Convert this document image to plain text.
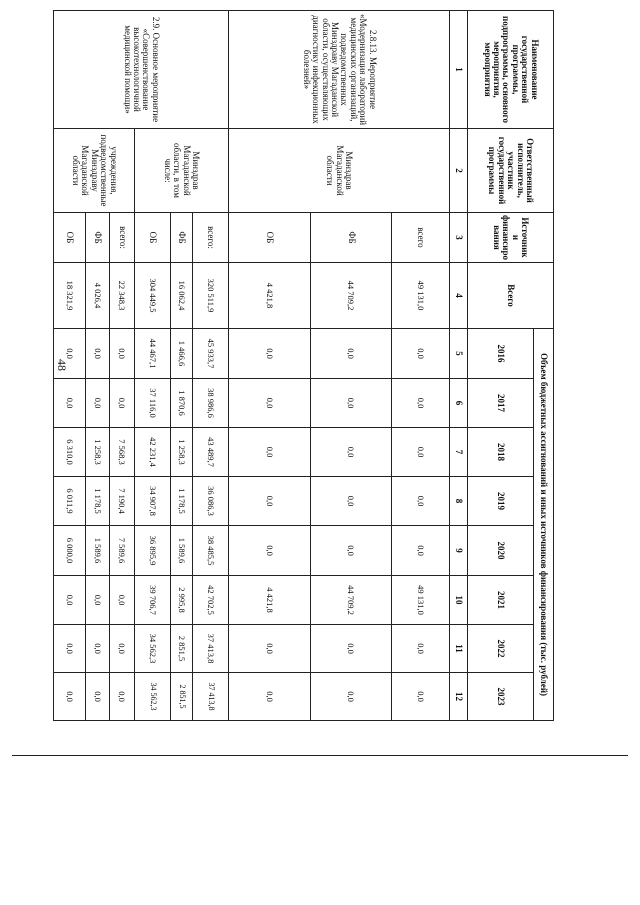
48
Наименование государственной программы, подпрограммы, основного мероприятия, мероприятия	Ответственный исполнитель, участник государственной программы	Источники финансирования	Всего	Объем бюджетных ассигнований и иных источников финансирования (тыс. рублей)							
				2016	2017	2018	2019	2020	2021	2022	2023
1	2	3	4	5	6	7	8	9	10	11	12
2.8.13. Мероприятие «Модернизация лабораторий медицинских организаций, подведомственных Минздраву Магаданской области, осуществляющих диагностику инфекционных болезней»	Минздрав Магаданской области	всего	49 131,0	0,0	0,0	0,0	0,0	0,0	49 131,0	0,0	0,0
		ФБ	44 709,2	0,0	0,0	0,0	0,0	0,0	44 709,2	0,0	0,0
		ОБ	4 421,8	0,0	0,0	0,0	0,0	0,0	4 421,8	0,0	0,0
2.9. Основное мероприятие «Совершенствование высокотехнологичной медицинской помощи»	Минздрав Магаданской области, в том числе:	всего:	320 511,9	45 933,7	38 986,6	43 489,7	36 086,3	38 485,5	42 702,5	37 413,8	37 413,8
		ФБ	16 062,4	1 466,6	1 870,6	1 258,3	1 178,5	1 589,6	2 995,8	2 851,5	2 851,5
		ОБ	304 449,5	44 467,1	37 116,0	42 231,4	34 907,8	36 895,9	39 706,7	34 562,3	34 562,3
	учреждения, подведомственные Минздраву Магаданской области	всего:	22 348,3	0,0	0,0	7 568,3	7 190,4	7 589,6	0,0	0,0	0,0
		ФБ	4 026,4	0,0	0,0	1 258,3	1 178,5	1 589,6	0,0	0,0	0,0
		ОБ	18 321,9	0,0	0,0	6 310,0	6 011,9	6 000,0	0,0	0,0	0,0
